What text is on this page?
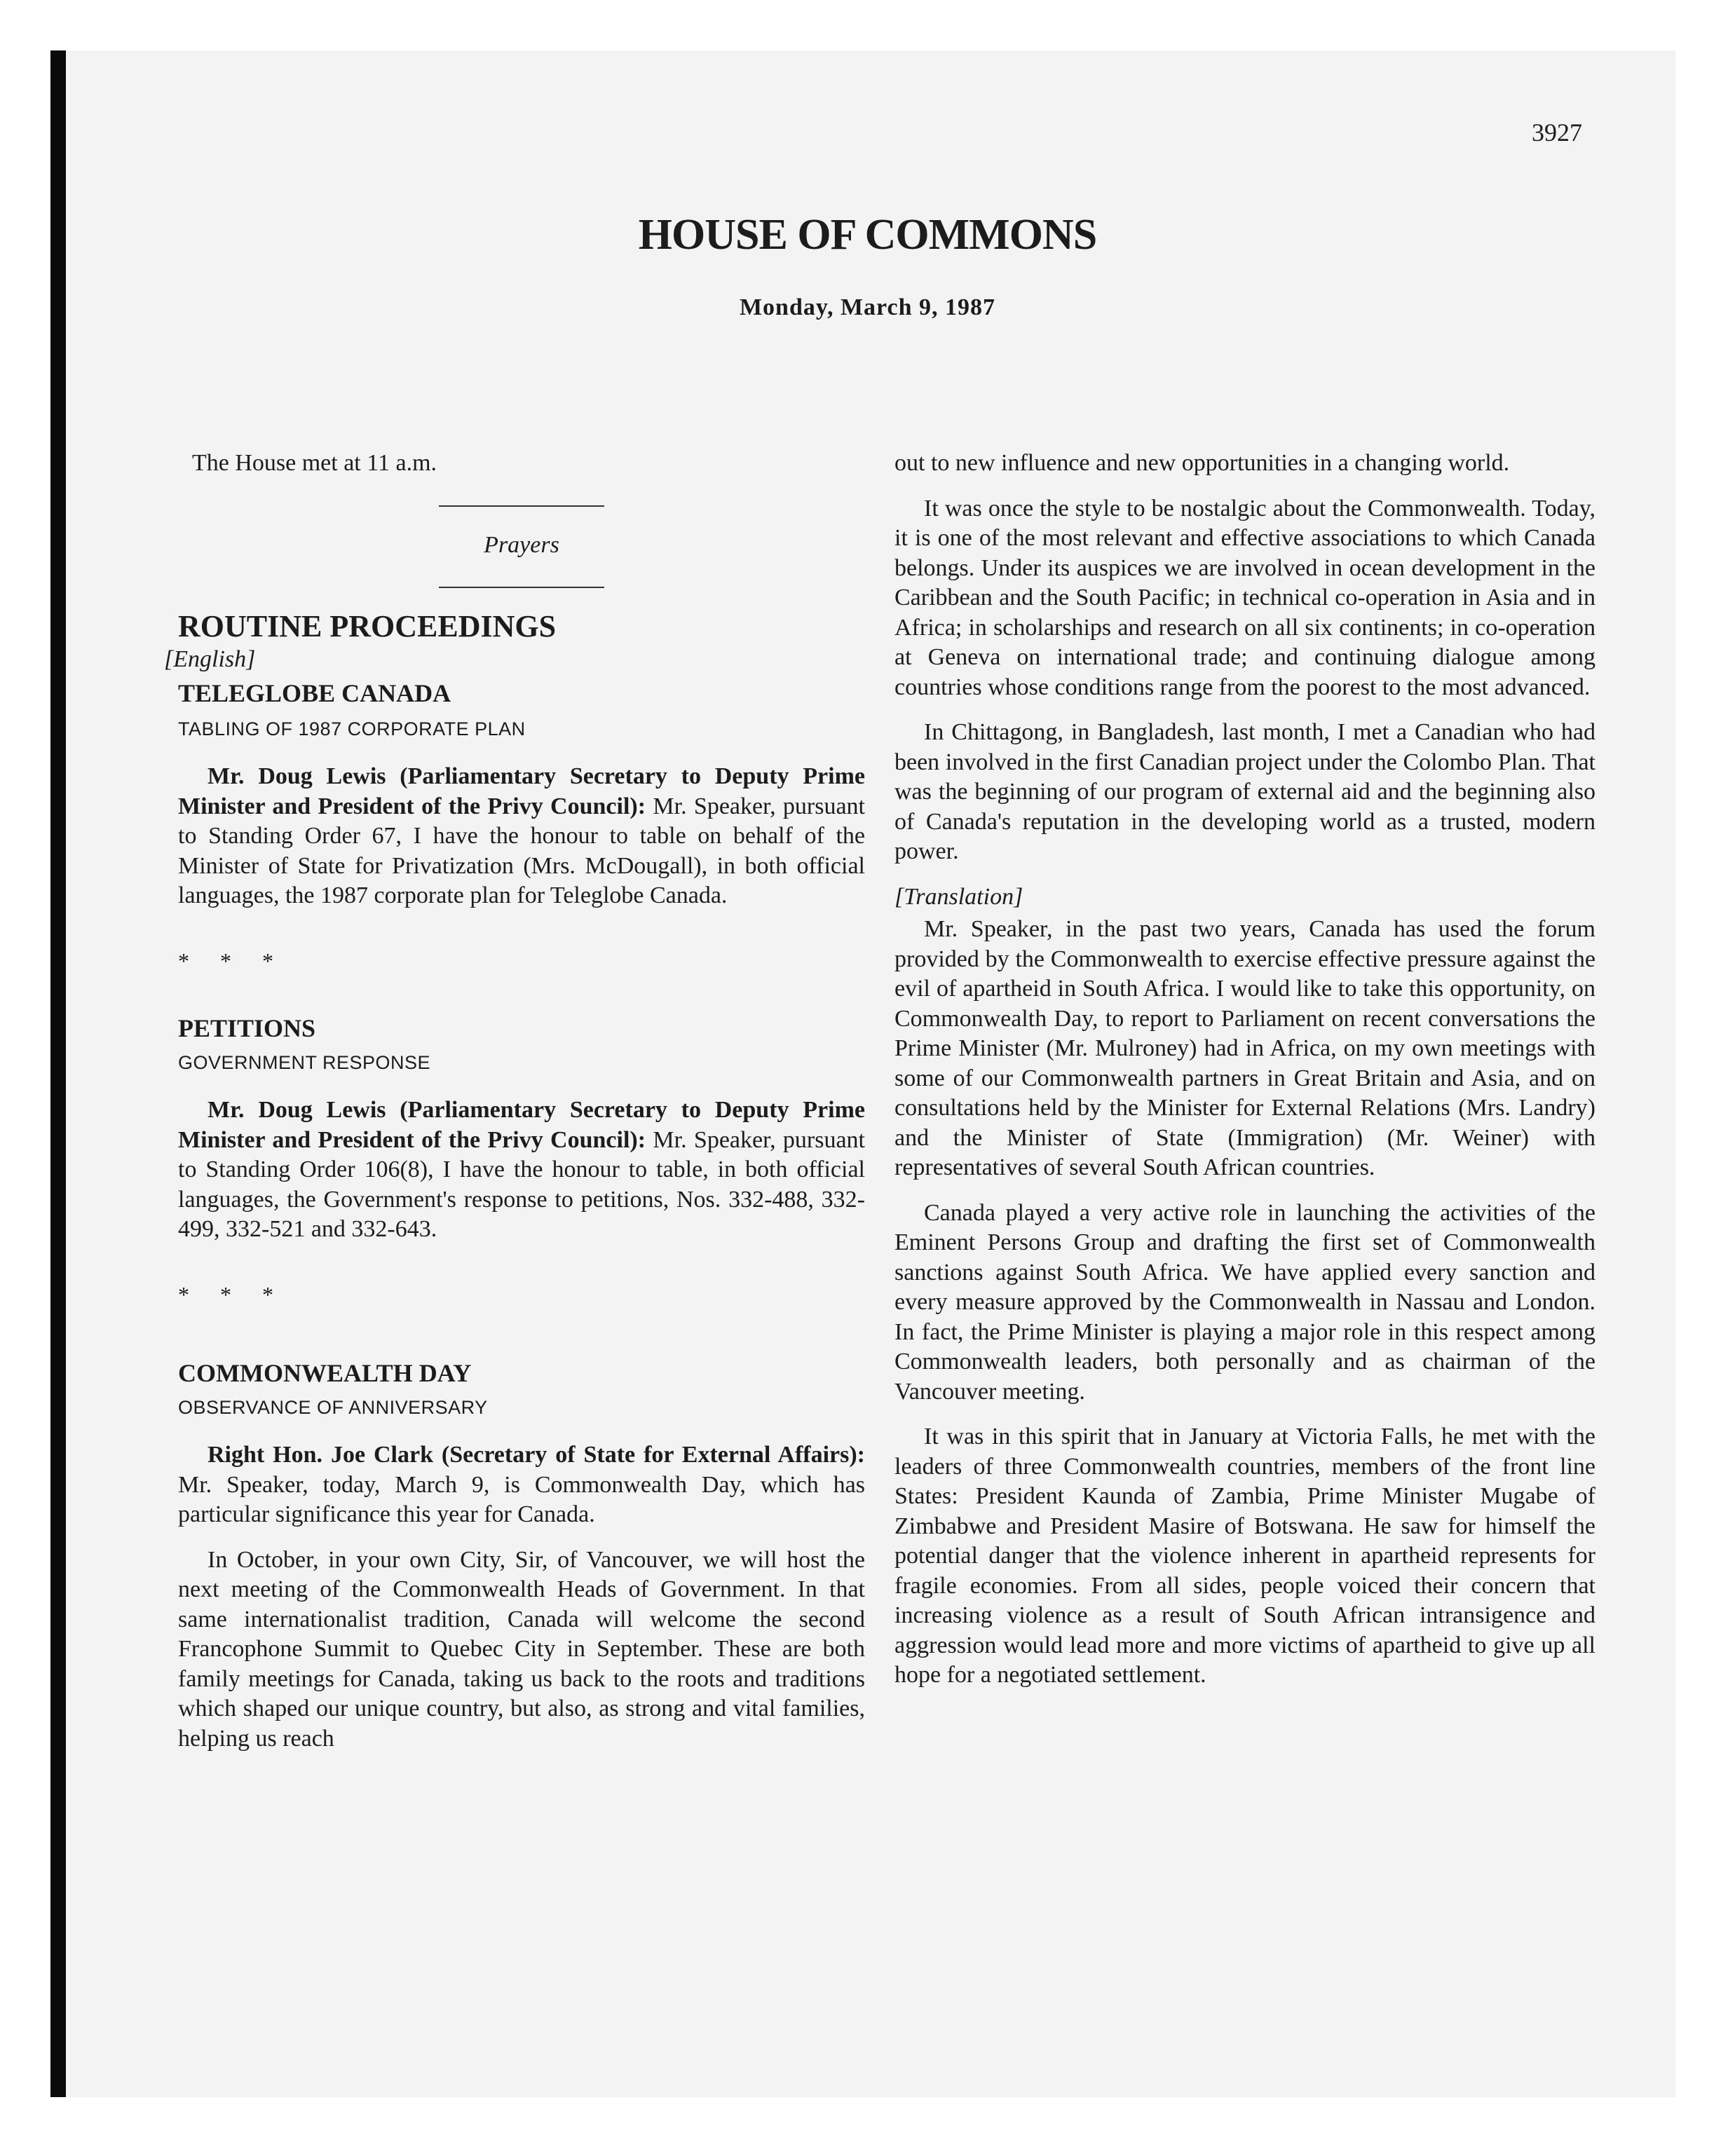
3927
HOUSE OF COMMONS
Monday, March 9, 1987

The House met at 11 a.m.

Prayers

ROUTINE PROCEEDINGS

[English]

TELEGLOBE CANADA

TABLING OF 1987 CORPORATE PLAN

Mr. Doug Lewis (Parliamentary Secretary to Deputy Prime Minister and President of the Privy Council): Mr. Speaker, pursuant to Standing Order 67, I have the honour to table on behalf of the Minister of State for Privatization (Mrs. McDougall), in both official languages, the 1987 corporate plan for Teleglobe Canada.

* * *

PETITIONS

GOVERNMENT RESPONSE

Mr. Doug Lewis (Parliamentary Secretary to Deputy Prime Minister and President of the Privy Council): Mr. Speaker, pursuant to Standing Order 106(8), I have the honour to table, in both official languages, the Government's response to petitions, Nos. 332-488, 332-499, 332-521 and 332-643.

* * *

COMMONWEALTH DAY

OBSERVANCE OF ANNIVERSARY

Right Hon. Joe Clark (Secretary of State for External Affairs): Mr. Speaker, today, March 9, is Commonwealth Day, which has particular significance this year for Canada.

In October, in your own City, Sir, of Vancouver, we will host the next meeting of the Commonwealth Heads of Government. In that same internationalist tradition, Canada will welcome the second Francophone Summit to Quebec City in September. These are both family meetings for Canada, taking us back to the roots and traditions which shaped our unique country, but also, as strong and vital families, helping us reach

out to new influence and new opportunities in a changing world.

It was once the style to be nostalgic about the Commonwealth. Today, it is one of the most relevant and effective associations to which Canada belongs. Under its auspices we are involved in ocean development in the Caribbean and the South Pacific; in technical co-operation in Asia and in Africa; in scholarships and research on all six continents; in co-operation at Geneva on international trade; and continuing dialogue among countries whose conditions range from the poorest to the most advanced.

In Chittagong, in Bangladesh, last month, I met a Canadian who had been involved in the first Canadian project under the Colombo Plan. That was the beginning of our program of external aid and the beginning also of Canada's reputation in the developing world as a trusted, modern power.

[Translation]

Mr. Speaker, in the past two years, Canada has used the forum provided by the Commonwealth to exercise effective pressure against the evil of apartheid in South Africa. I would like to take this opportunity, on Commonwealth Day, to report to Parliament on recent conversations the Prime Minister (Mr. Mulroney) had in Africa, on my own meetings with some of our Commonwealth partners in Great Britain and Asia, and on consultations held by the Minister for External Relations (Mrs. Landry) and the Minister of State (Immigration) (Mr. Weiner) with representatives of several South African countries.

Canada played a very active role in launching the activities of the Eminent Persons Group and drafting the first set of Commonwealth sanctions against South Africa. We have applied every sanction and every measure approved by the Commonwealth in Nassau and London. In fact, the Prime Minister is playing a major role in this respect among Commonwealth leaders, both personally and as chairman of the Vancouver meeting.

It was in this spirit that in January at Victoria Falls, he met with the leaders of three Commonwealth countries, members of the front line States: President Kaunda of Zambia, Prime Minister Mugabe of Zimbabwe and President Masire of Botswana. He saw for himself the potential danger that the violence inherent in apartheid represents for fragile economies. From all sides, people voiced their concern that increasing violence as a result of South African intransigence and aggression would lead more and more victims of apartheid to give up all hope for a negotiated settlement.
